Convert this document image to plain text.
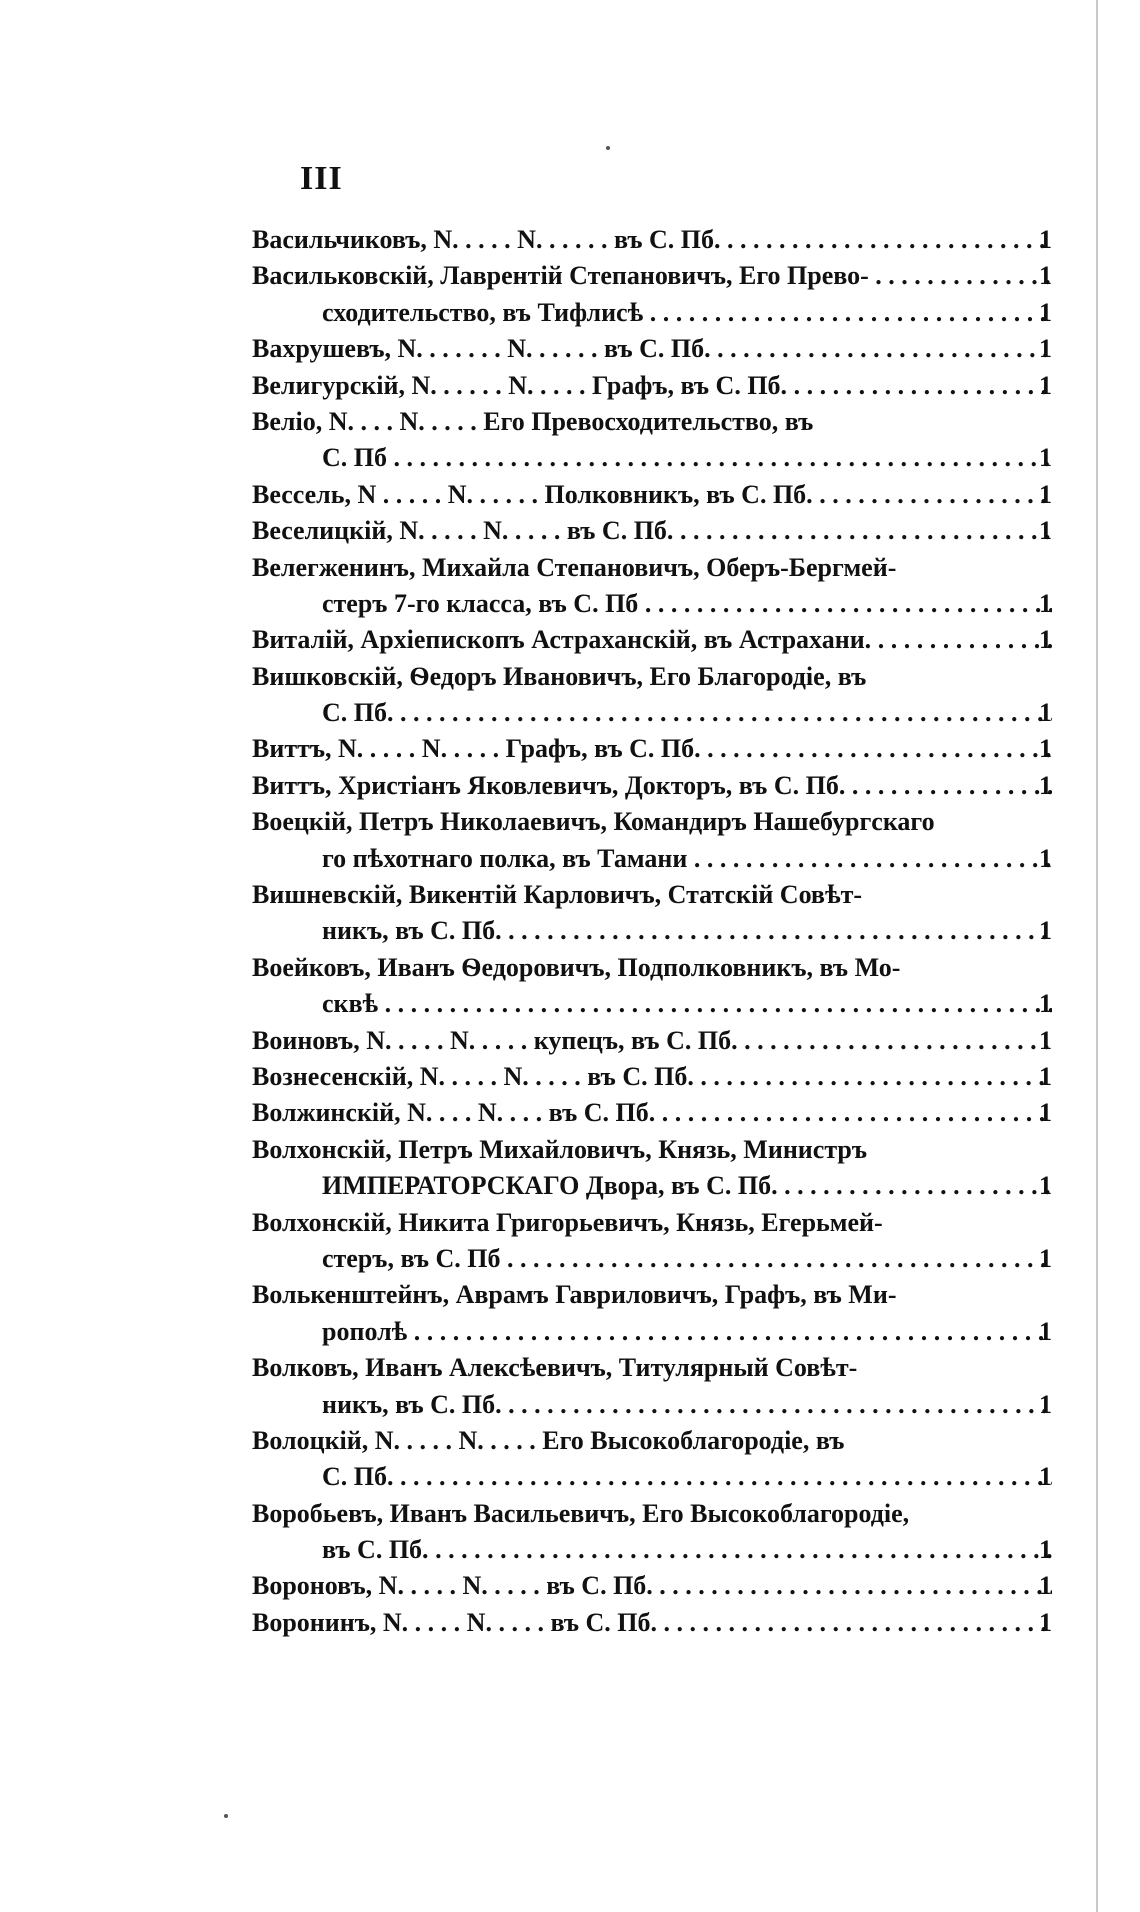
III
Васильчиковъ, N. . . . . N. . . . . . въ С. Пб. . . .	1
Васильковскій, Лаврентій Степановичъ, Его Прево- . . .	1
сходительство, въ Тифлисѣ . . .	1
Вахрушевъ, N. . . . . . . N. . . . . . въ С. Пб. . . .	1
Велигурскій, N. . . . . . N. . . . . Графъ, въ С. Пб. . . .	1
Веліо, N. . . . N. . . . . Его Превосходительство, въ
С. Пб . . .	1
Вессель, N . . . . . N. . . . . . Полковникъ, въ С. Пб. . . .	1
Веселицкій, N. . . . . N. . . . . въ С. Пб. . . .	1
Велегженинъ, Михайла Степановичъ, Оберъ-Бергмей-
стеръ 7-го класса, въ С. Пб . . .	1
Виталій, Архіепископъ Астраханскій, въ Астрахани. . . .	1
Вишковскій, Ѳедоръ Ивановичъ, Его Благородіе, въ
С. Пб. . . .	1
Виттъ, N. . . . . N. . . . . Графъ, въ С. Пб. . . .	1
Виттъ, Христіанъ Яковлевичъ, Докторъ, въ С. Пб. . . .	1
Воецкій, Петръ Николаевичъ, Командиръ Нашебургскаго
го пѣхотнаго полка, въ Тамани . . .	1
Вишневскій, Викентій Карловичъ, Статскій Совѣт-
никъ, въ С. Пб. . . .	1
Воейковъ, Иванъ Ѳедоровичъ, Подполковникъ, въ Мо-
сквѣ . . .	1
Воиновъ, N. . . . . N. . . . . купецъ, въ С. Пб. . . .	1
Вознесенскій, N. . . . . N. . . . . въ С. Пб. . . .	1
Волжинскій, N. . . . N. . . . въ С. Пб. . . .	1
Волхонскій, Петръ Михайловичъ, Князь, Министръ
ИМПЕРАТОРСКАГО Двора, въ С. Пб. . . .	1
Волхонскій, Никита Григорьевичъ, Князь, Егерьмей-
стеръ, въ С. Пб . . .	1
Волькенштейнъ, Аврамъ Гавриловичъ, Графъ, въ Ми-
рополѣ . . .	1
Волковъ, Иванъ Алексѣевичъ, Титулярный Совѣт-
никъ, въ С. Пб. . . .	1
Волоцкій, N. . . . . N. . . . . Его Высокоблагородіе, въ
С. Пб. . . .	1
Воробьевъ, Иванъ Васильевичъ, Его Высокоблагородіе,
въ С. Пб. . . .	1
Вороновъ, N. . . . . N. . . . . въ С. Пб. . . .	1
Воронинъ, N. . . . . N. . . . . въ С. Пб. . . .	1
